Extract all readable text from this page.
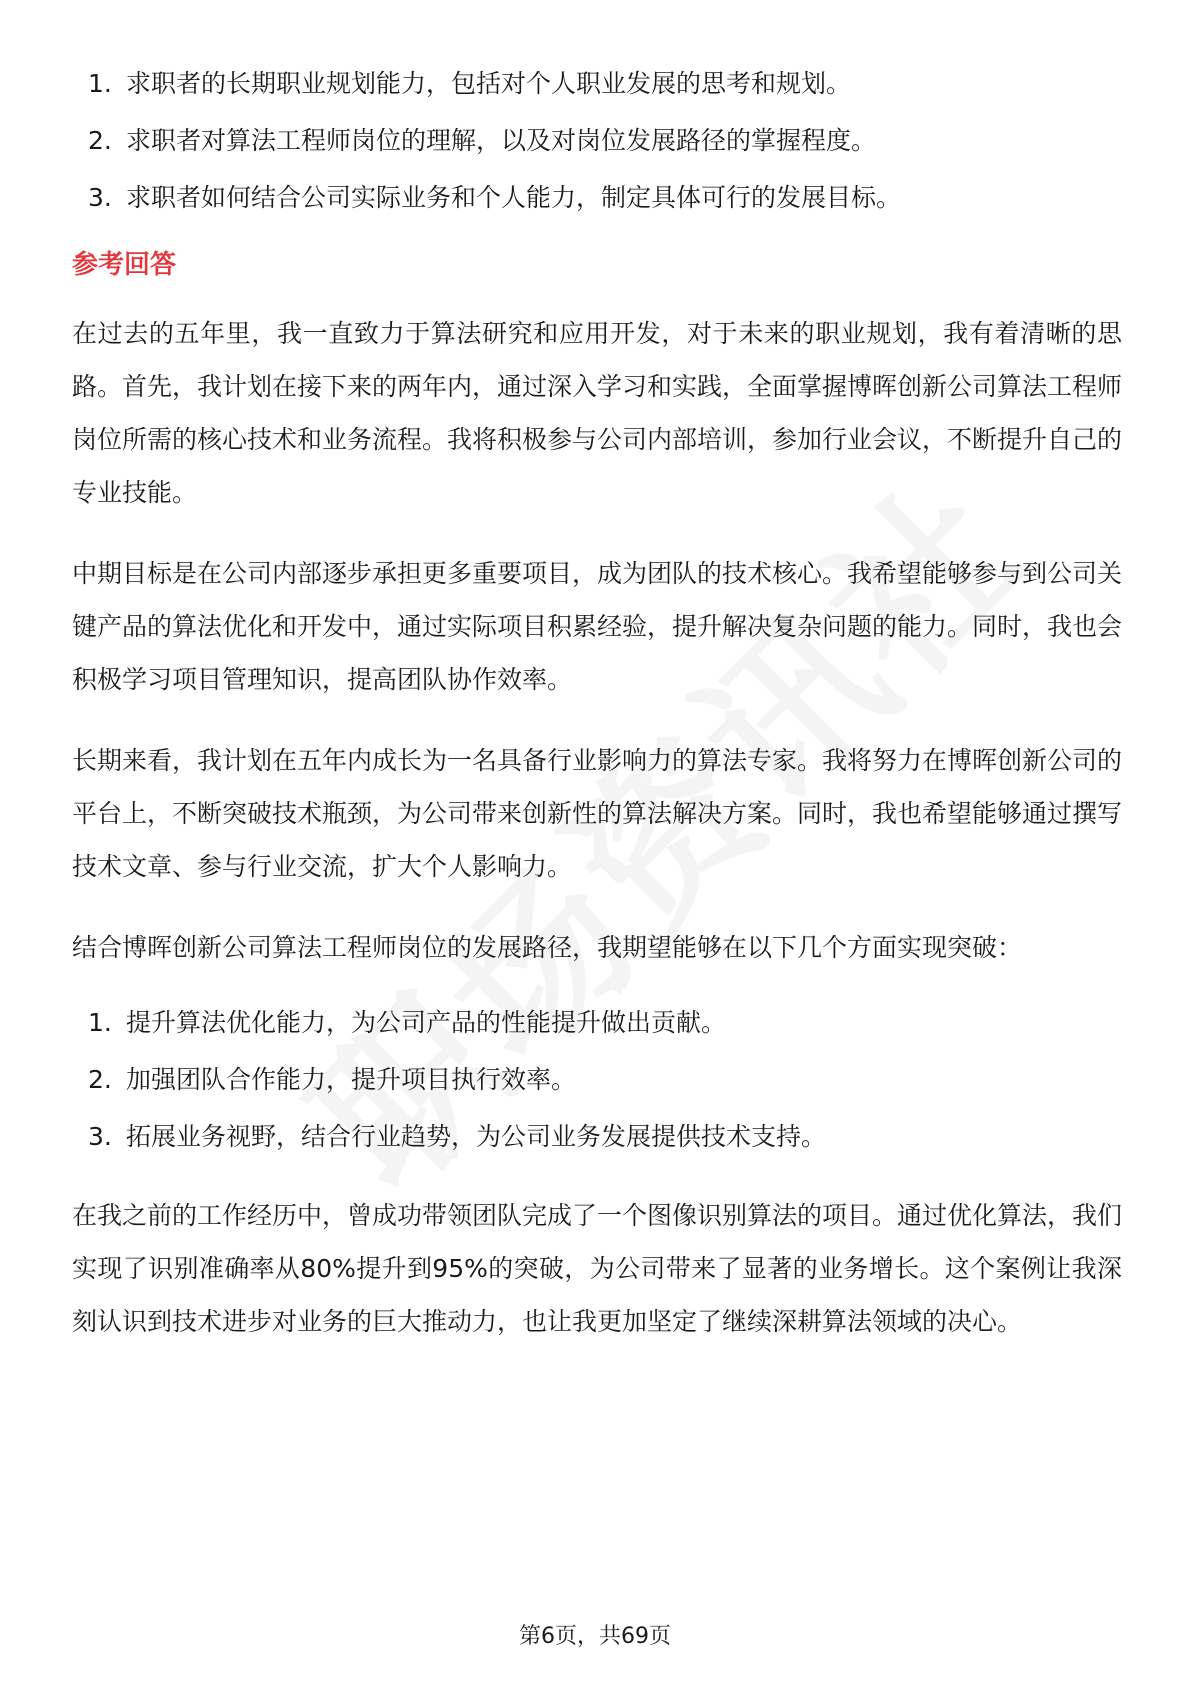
1. 求职者的长期职业规划能力，包括对个人职业发展的思考和规划。
2. 求职者对算法工程师岗位的理解，以及对岗位发展路径的掌握程度。
3. 求职者如何结合公司实际业务和个人能力，制定具体可行的发展目标。
参考回答

在过去的五年里，我一直致力于算法研究和应用开发，对于未来的职业规划，我有着清晰的思路。首先，我计划在接下来的两年内，通过深入学习和实践，全面掌握博晖创新公司算法工程师岗位所需的核心技术和业务流程。我将积极参与公司内部培训，参加行业会议，不断提升自己的专业技能。

中期目标是在公司内部逐步承担更多重要项目，成为团队的技术核心。我希望能够参与到公司关键产品的算法优化和开发中，通过实际项目积累经验，提升解决复杂问题的能力。同时，我也会积极学习项目管理知识，提高团队协作效率。

长期来看，我计划在五年内成长为一名具备行业影响力的算法专家。我将努力在博晖创新公司的平台上，不断突破技术瓶颈，为公司带来创新性的算法解决方案。同时，我也希望能够通过撰写技术文章、参与行业交流，扩大个人影响力。

结合博晖创新公司算法工程师岗位的发展路径，我期望能够在以下几个方面实现突破：

1. 提升算法优化能力，为公司产品的性能提升做出贡献。
2. 加强团队合作能力，提升项目执行效率。
3. 拓展业务视野，结合行业趋势，为公司业务发展提供技术支持。

在我之前的工作经历中，曾成功带领团队完成了一个图像识别算法的项目。通过优化算法，我们实现了识别准确率从80%提升到95%的突破，为公司带来了显著的业务增长。这个案例让我深刻认识到技术进步对业务的巨大推动力，也让我更加坚定了继续深耕算法领域的决心。

第6页，共69页
